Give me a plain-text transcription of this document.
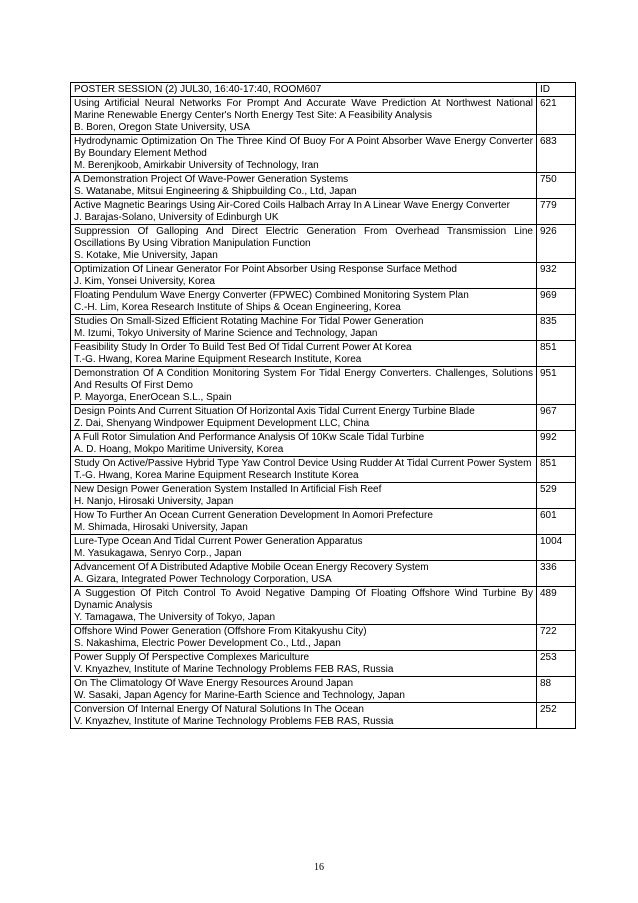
POSTER SESSION (2) JUL30, 16:40-17:40, ROOM607	ID

Using Artificial Neural Networks For Prompt And Accurate Wave Prediction At Northwest National Marine Renewable Energy Center's North Energy Test Site: A Feasibility Analysis
B. Boren, Oregon State University, USA	621

Hydrodynamic Optimization On The Three Kind Of Buoy For A Point Absorber Wave Energy Converter By Boundary Element Method
M. Berenjkoob, Amirkabir University of Technology, Iran	683

A Demonstration Project Of Wave-Power Generation Systems
S. Watanabe, Mitsui Engineering & Shipbuilding Co., Ltd, Japan	750

Active Magnetic Bearings Using Air-Cored Coils Halbach Array In A Linear Wave Energy Converter
J. Barajas-Solano, University of Edinburgh UK	779

Suppression Of Galloping And Direct Electric Generation From Overhead Transmission Line Oscillations By Using Vibration Manipulation Function
S. Kotake, Mie University, Japan	926

Optimization Of Linear Generator For Point Absorber Using Response Surface Method
J. Kim, Yonsei University, Korea	932

Floating Pendulum Wave Energy Converter (FPWEC) Combined Monitoring System Plan
C.-H. Lim, Korea Research Institute of Ships & Ocean Engineering, Korea	969

Studies On Small-Sized Efficient Rotating Machine For Tidal Power Generation
M. Izumi, Tokyo University of Marine Science and Technology, Japan	835

Feasibility Study In Order To Build Test Bed Of Tidal Current Power At Korea
T.-G. Hwang, Korea Marine Equipment Research Institute, Korea	851

Demonstration Of A Condition Monitoring System For Tidal Energy Converters. Challenges, Solutions And Results Of First Demo
P. Mayorga, EnerOcean S.L., Spain	951

Design Points And Current Situation Of Horizontal Axis Tidal Current Energy Turbine Blade
Z. Dai, Shenyang Windpower Equipment Development LLC, China	967

A Full Rotor Simulation And Performance Analysis Of 10Kw Scale Tidal Turbine
A. D. Hoang, Mokpo Maritime University, Korea	992

Study On Active/Passive Hybrid Type Yaw Control Device Using Rudder At Tidal Current Power System
T.-G. Hwang, Korea Marine Equipment Research Institute Korea	851

New Design Power Generation System Installed In Artificial Fish Reef
H. Nanjo, Hirosaki University, Japan	529

How To Further An Ocean Current Generation Development In Aomori Prefecture
M. Shimada, Hirosaki University, Japan	601

Lure-Type Ocean And Tidal Current Power Generation Apparatus
M. Yasukagawa, Senryo Corp., Japan	1004

Advancement Of A Distributed Adaptive Mobile Ocean Energy Recovery System
A. Gizara, Integrated Power Technology Corporation, USA	336

A Suggestion Of Pitch Control To Avoid Negative Damping Of Floating Offshore Wind Turbine By Dynamic Analysis
Y. Tamagawa, The University of Tokyo, Japan	489

Offshore Wind Power Generation (Offshore From Kitakyushu City)
S. Nakashima, Electric Power Development Co., Ltd., Japan	722

Power Supply Of Perspective Complexes Mariculture
V. Knyazhev, Institute of Marine Technology Problems FEB RAS, Russia	253

On The Climatology Of Wave Energy Resources Around Japan
W. Sasaki, Japan Agency for Marine-Earth Science and Technology, Japan	88

Conversion Of Internal Energy Of Natural Solutions In The Ocean
V. Knyazhev, Institute of Marine Technology Problems FEB RAS, Russia	252
16
